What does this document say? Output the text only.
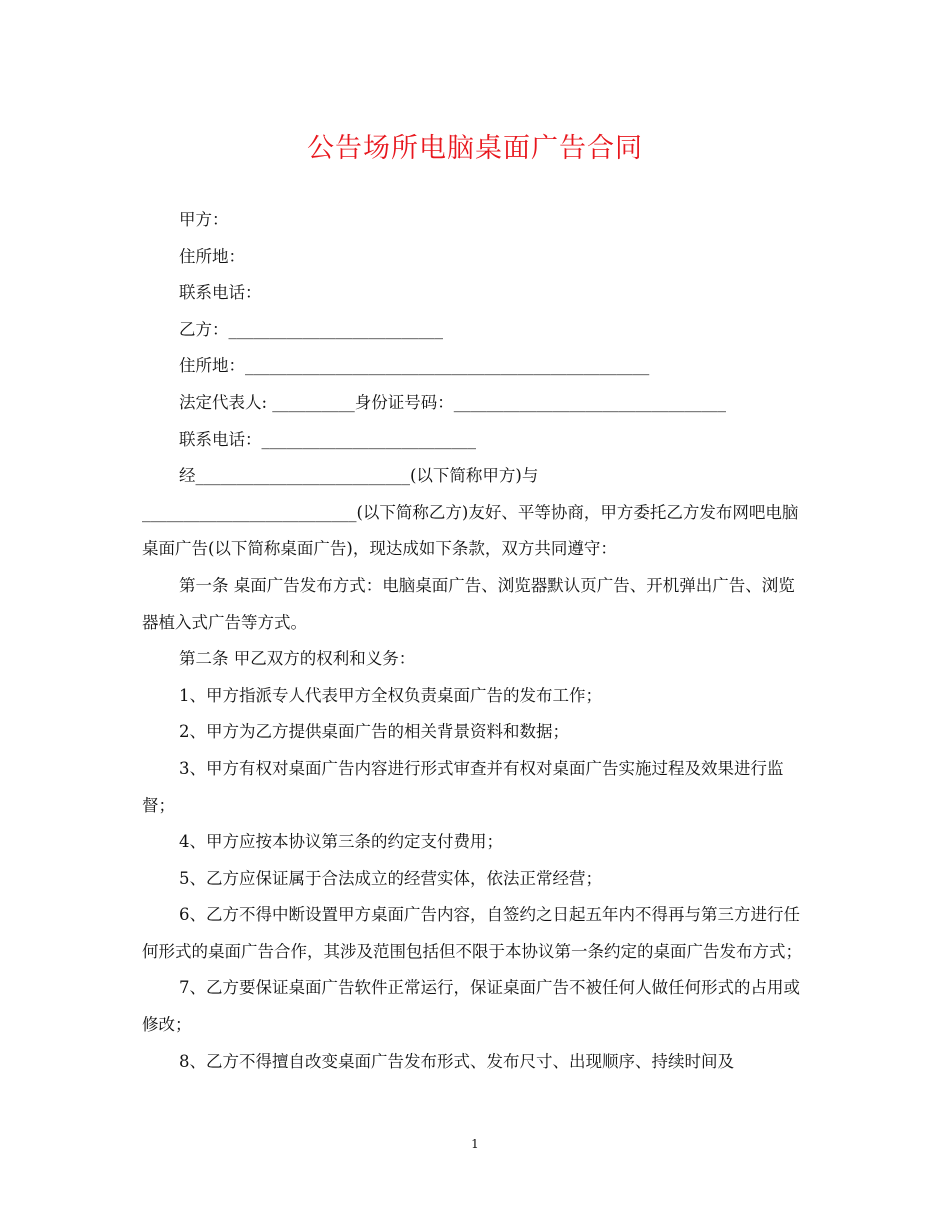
公告场所电脑桌面广告合同

甲方：

住所地：

联系电话：

乙方：__________________________

住所地：_________________________________________________

法定代表人: __________身份证号码：_________________________________

联系电话：__________________________

经__________________________(以下简称甲方)与

__________________________(以下简称乙方)友好、平等协商，甲方委托乙方发布网吧电脑桌面广告(以下简称桌面广告)，现达成如下条款，双方共同遵守：

第一条 桌面广告发布方式：电脑桌面广告、浏览器默认页广告、开机弹出广告、浏览器植入式广告等方式。

第二条 甲乙双方的权利和义务：

1、甲方指派专人代表甲方全权负责桌面广告的发布工作；

2、甲方为乙方提供桌面广告的相关背景资料和数据；

3、甲方有权对桌面广告内容进行形式审查并有权对桌面广告实施过程及效果进行监督；

4、甲方应按本协议第三条的约定支付费用；

5、乙方应保证属于合法成立的经营实体，依法正常经营；

6、乙方不得中断设置甲方桌面广告内容，自签约之日起五年内不得再与第三方进行任何形式的桌面广告合作，其涉及范围包括但不限于本协议第一条约定的桌面广告发布方式；

7、乙方要保证桌面广告软件正常运行，保证桌面广告不被任何人做任何形式的占用或修改；

8、乙方不得擅自改变桌面广告发布形式、发布尺寸、出现顺序、持续时间及

1
